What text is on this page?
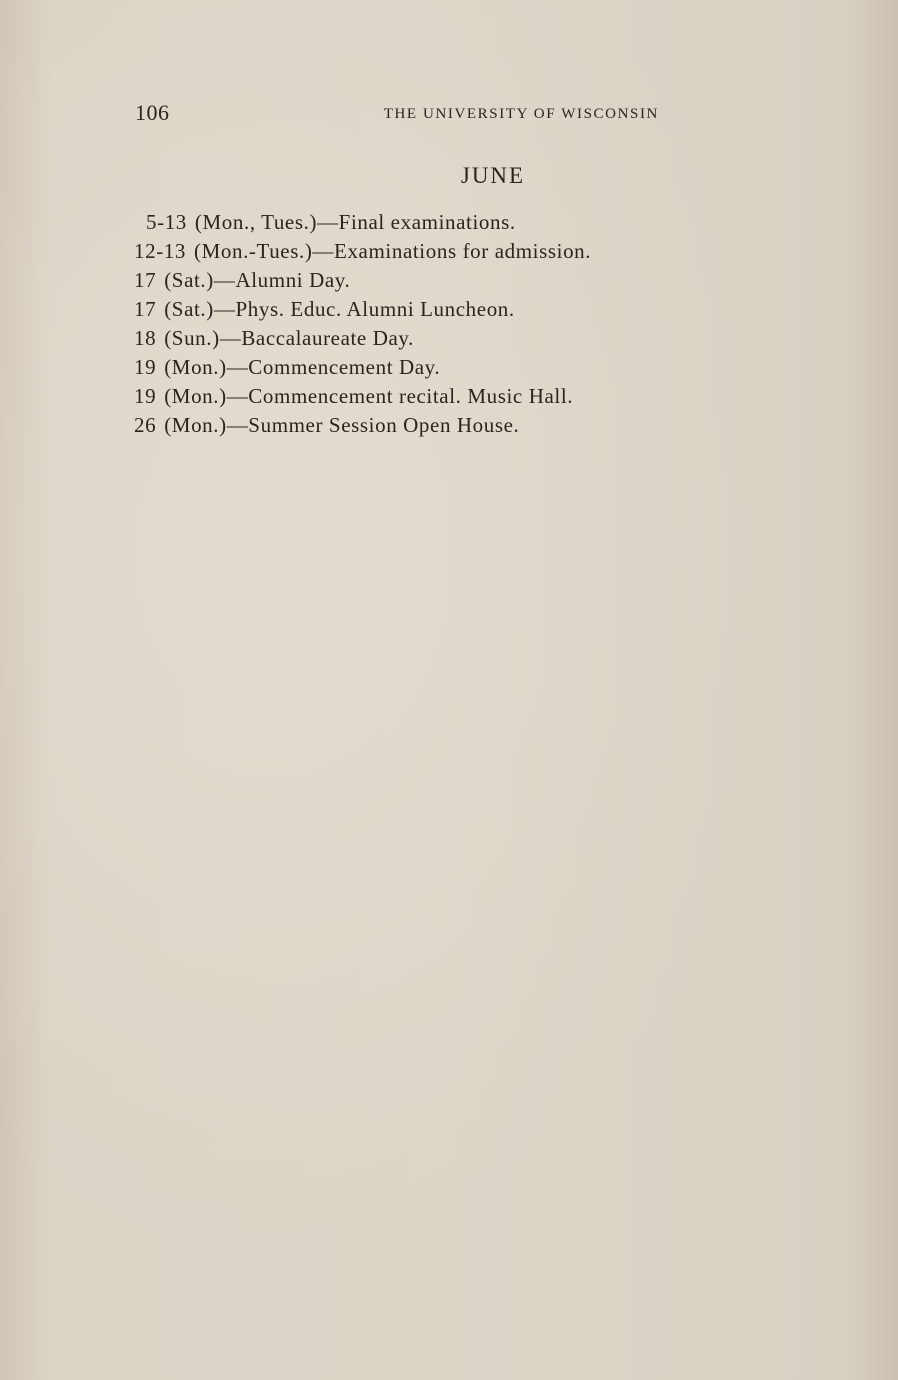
106	THE UNIVERSITY OF WISCONSIN
JUNE
5-13 (Mon., Tues.)—Final examinations.
12-13 (Mon.-Tues.)—Examinations for admission.
17 (Sat.)—Alumni Day.
17 (Sat.)—Phys. Educ. Alumni Luncheon.
18 (Sun.)—Baccalaureate Day.
19 (Mon.)—Commencement Day.
19 (Mon.)—Commencement recital. Music Hall.
26 (Mon.)—Summer Session Open House.
